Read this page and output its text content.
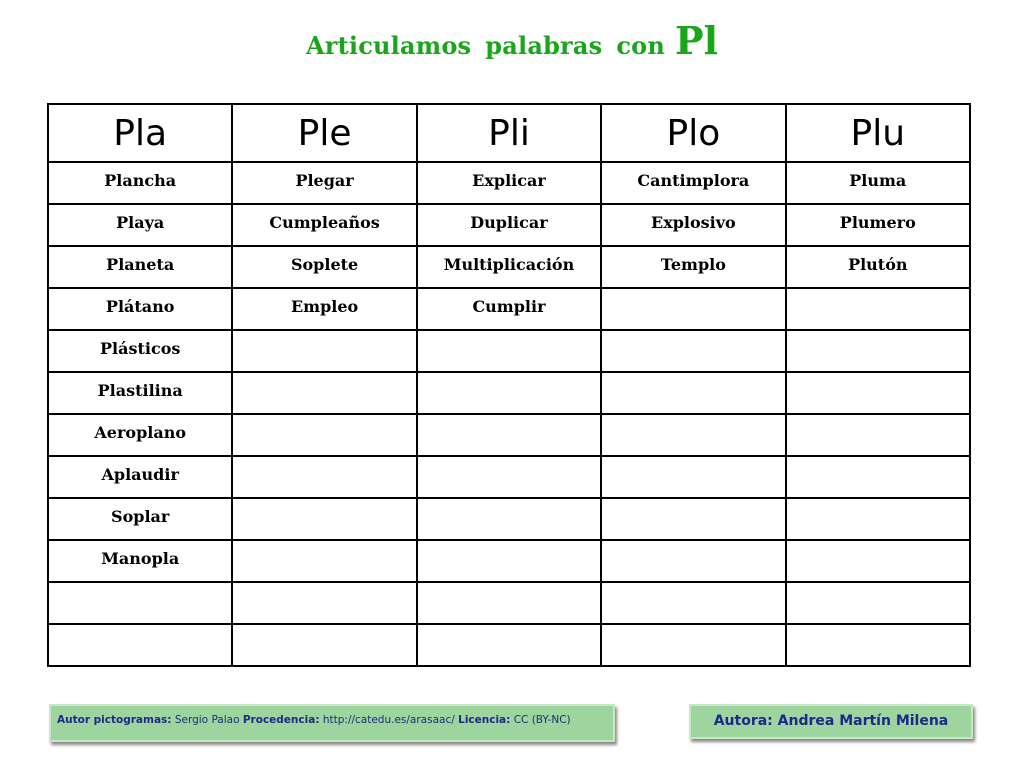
Articulamos palabras con Pl
Pla	Ple	Pli	Plo	Plu
Plancha	Plegar	Explicar	Cantimplora	Pluma
Playa	Cumpleaños	Duplicar	Explosivo	Plumero
Planeta	Soplete	Multiplicación	Templo	Plutón
Plátano	Empleo	Cumplir		
Plásticos				
Plastilina				
Aeroplano				
Aplaudir				
Soplar				
Manopla				

Autor pictogramas: Sergio Palao Procedencia: http://catedu.es/arasaac/ Licencia: CC (BY-NC)	Autora: Andrea Martín Milena
